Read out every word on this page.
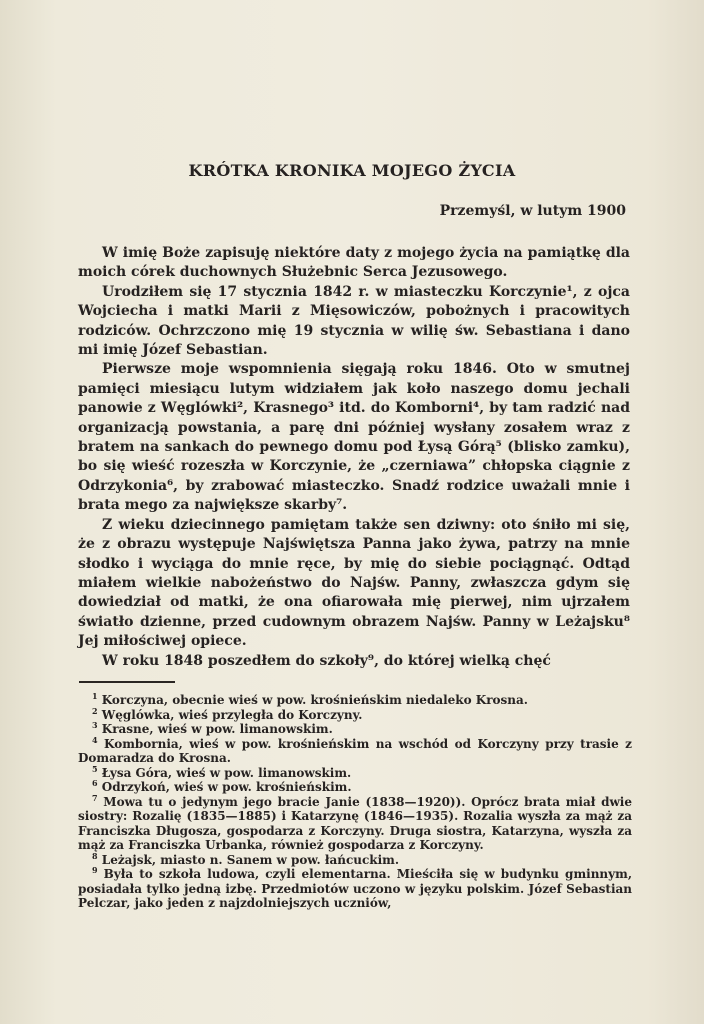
KRÓTKA KRONIKA MOJEGO ŻYCIA
Przemyśl, w lutym 1900

W imię Boże zapisuję niektóre daty z mojego życia na pamiątkę dla moich córek duchownych Służebnic Serca Jezusowego.

Urodziłem się 17 stycznia 1842 r. w miasteczku Korczynie¹, z ojca Wojciecha i matki Marii z Mięsowiczów, pobożnych i pracowitych rodziców. Ochrzczono mię 19 stycznia w wilię św. Sebastiana i dano mi imię Józef Sebastian.

Pierwsze moje wspomnienia sięgają roku 1846. Oto w smutnej pamięci miesiącu lutym widziałem jak koło naszego domu jechali panowie z Węglówki², Krasnego³ itd. do Komborni⁴, by tam radzić nad organizacją powstania, a parę dni później wysłany zosałem wraz z bratem na sankach do pewnego domu pod Łysą Górą⁵ (blisko zamku), bo się wieść rozeszła w Korczynie, że „czerniawa” chłopska ciągnie z Odrzykonia⁶, by zrabować miasteczko. Snadź rodzice uważali mnie i brata mego za największe skarby⁷.

Z wieku dziecinnego pamiętam także sen dziwny: oto śniło mi się, że z obrazu występuje Najświętsza Panna jako żywa, patrzy na mnie słodko i wyciąga do mnie ręce, by mię do siebie pociągnąć. Odtąd miałem wielkie nabożeństwo do Najśw. Panny, zwłaszcza gdym się dowiedział od matki, że ona ofiarowała mię pierwej, nim ujrzałem światło dzienne, przed cudownym obrazem Najśw. Panny w Leżajsku⁸ Jej miłościwej opiece.

W roku 1848 poszedłem do szkoły⁹, do której wielką chęć

$^1$ Korczyna, obecnie wieś w pow. krośnieńskim niedaleko Krosna.

$^2$ Węglówka, wieś przyległa do Korczyny.

$^3$ Krasne, wieś w pow. limanowskim.

$^4$ Kombornia, wieś w pow. krośnieńskim na wschód od Korczyny przy trasie z Domaradza do Krosna.

$^5$ Łysa Góra, wieś w pow. limanowskim.

$^6$ Odrzykoń, wieś w pow. krośnieńskim.

$^7$ Mowa tu o jedynym jego bracie Janie (1838—1920)). Oprócz brata miał dwie siostry: Rozalię (1835—1885) i Katarzynę (1846—1935). Rozalia wyszła za mąż za Franciszka Długosza, gospodarza z Korczyny. Druga siostra, Katarzyna, wyszła za mąż za Franciszka Urbanka, również gospodarza z Korczyny.

$^8$ Leżajsk, miasto n. Sanem w pow. łańcuckim.

$^9$ Była to szkoła ludowa, czyli elementarna. Mieściła się w budynku gminnym, posiadała tylko jedną izbę. Przedmiotów uczono w języku polskim. Józef Sebastian Pelczar, jako jeden z najzdolniejszych uczniów,
